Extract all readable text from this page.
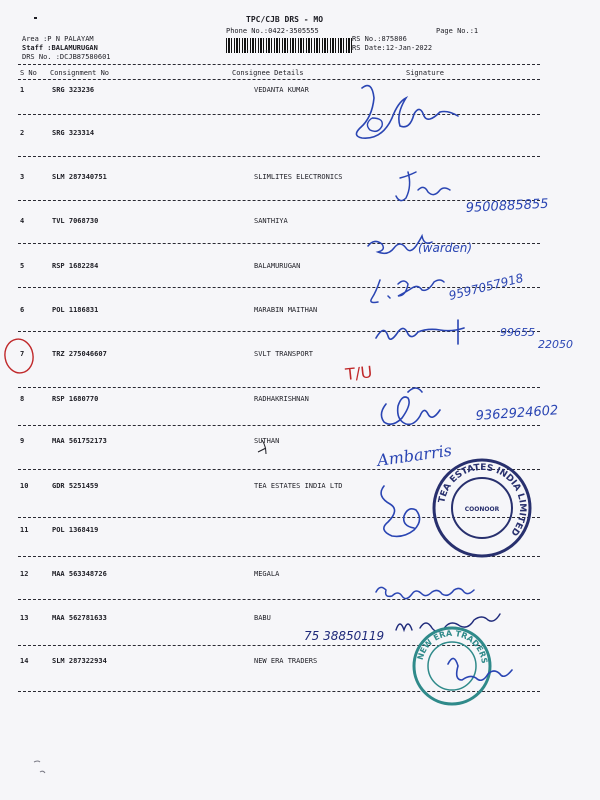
TPC/CJB DRS - MO
Phone No.:0422-3505555	Page No.:1
Area :P N PALAYAM
Staff :BALAMURUGAN
DRS No. :DCJB87580601
RS No.:875806
RS Date:12-Jan-2022
S No Consignment No	Consignee Details	Signature
1	SRG 323236	VEDANTA KUMAR
2	SRG 323314
3	SLM 287340751	SLIMLITES ELECTRONICS
4	TVL 7068730	SANTHIYA
5	RSP 1682284	BALAMURUGAN
6	POL 1186831	MARABIN MAITHAN
7	TRZ 275046607	SVLT TRANSPORT
8	RSP 1680770	RADHAKRISHNAN
9	MAA 561752173	SUTHAN
10	GDR 5251459	TEA ESTATES INDIA LTD
11	POL 1368419
12	MAA 563348726	MEGALA
13	MAA 562781633	BABU
14	SLM 287322934	NEW ERA TRADERS
9500885855
(warden)
9597057918
99655
22050
T/U
9362924602
Ambarris
TEA ESTATES INDIA LIMITED
COONOOR
75 38850119
NEW ERA TRADERS
